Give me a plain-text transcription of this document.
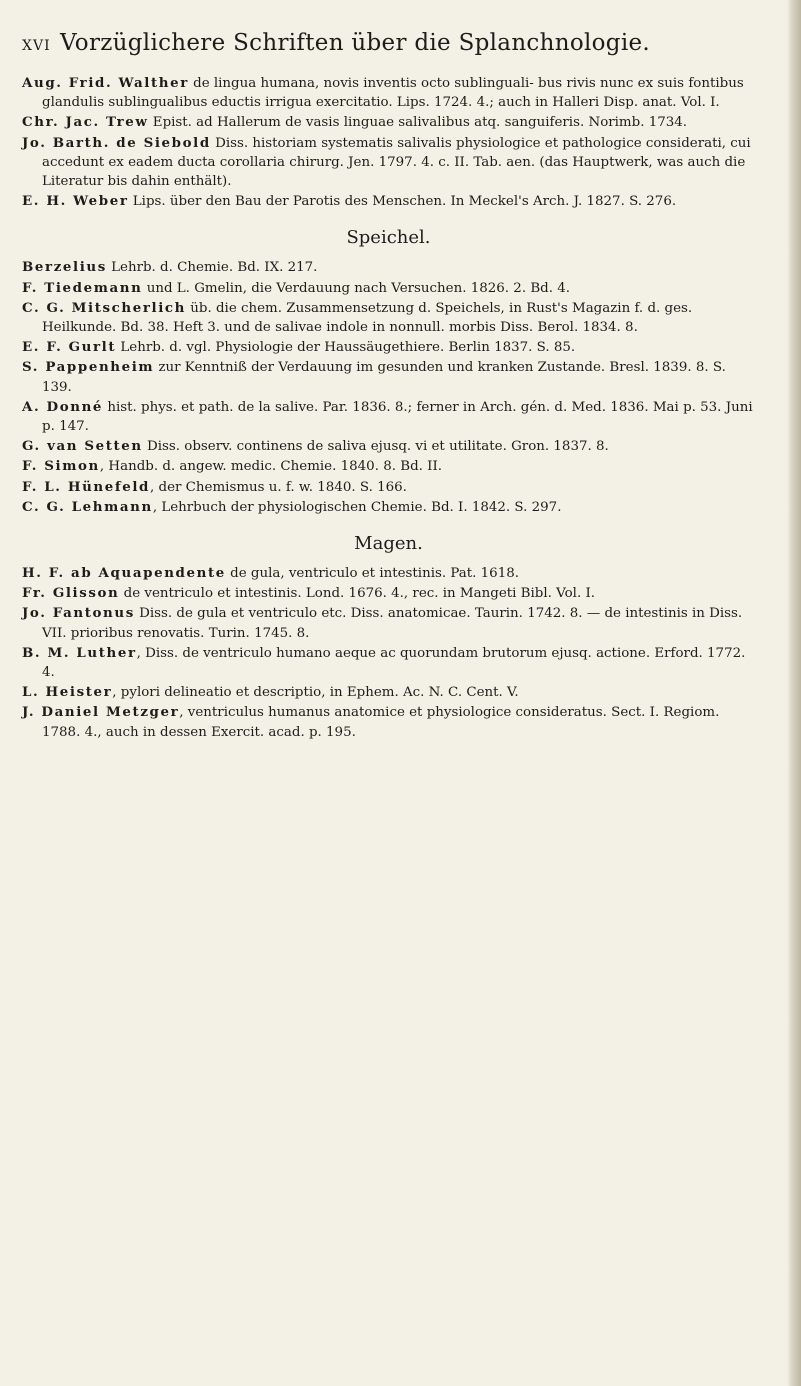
XVI Vorzüglichere Schriften über die Splanchnologie.

Aug. Frid. Walther de lingua humana, novis inventis octo sublinguali- bus rivis nunc ex suis fontibus glandulis sublingualibus eductis irrigua exercitatio. Lips. 1724. 4.; auch in Halleri Disp. anat. Vol. I.

Chr. Jac. Trew Epist. ad Hallerum de vasis linguae salivalibus atq. sanguiferis. Norimb. 1734.

Jo. Barth. de Siebold Diss. historiam systematis salivalis physiologice et pathologice considerati, cui accedunt ex eadem ducta corollaria chirurg. Jen. 1797. 4. c. II. Tab. aen. (das Hauptwerk, was auch die Literatur bis dahin enthält).

E. H. Weber Lips. über den Bau der Parotis des Menschen. In Meckel's Arch. J. 1827. S. 276.

Speichel.

Berzelius Lehrb. d. Chemie. Bd. IX. 217.

F. Tiedemann und L. Gmelin, die Verdauung nach Versuchen. 1826. 2. Bd. 4.

C. G. Mitscherlich üb. die chem. Zusammensetzung d. Speichels, in Rust's Magazin f. d. ges. Heilkunde. Bd. 38. Heft 3. und de salivae indole in nonnull. morbis Diss. Berol. 1834. 8.

E. F. Gurlt Lehrb. d. vgl. Physiologie der Haussäugethiere. Berlin 1837. S. 85.

S. Pappenheim zur Kenntniß der Verdauung im gesunden und kranken Zustande. Bresl. 1839. 8. S. 139.

A. Donné hist. phys. et path. de la salive. Par. 1836. 8.; ferner in Arch. gén. d. Med. 1836. Mai p. 53. Juni p. 147.

G. van Setten Diss. observ. continens de saliva ejusq. vi et utilitate. Gron. 1837. 8.

F. Simon, Handb. d. angew. medic. Chemie. 1840. 8. Bd. II.

F. L. Hünefeld, der Chemismus u. f. w. 1840. S. 166.

C. G. Lehmann, Lehrbuch der physiologischen Chemie. Bd. I. 1842. S. 297.

Magen.

H. F. ab Aquapendente de gula, ventriculo et intestinis. Pat. 1618.

Fr. Glisson de ventriculo et intestinis. Lond. 1676. 4., rec. in Mangeti Bibl. Vol. I.

Jo. Fantonus Diss. de gula et ventriculo etc. Diss. anatomicae. Taurin. 1742. 8. — de intestinis in Diss. VII. prioribus renovatis. Turin. 1745. 8.

B. M. Luther, Diss. de ventriculo humano aeque ac quorundam brutorum ejusq. actione. Erford. 1772. 4.

L. Heister, pylori delineatio et descriptio, in Ephem. Ac. N. C. Cent. V.

J. Daniel Metzger, ventriculus humanus anatomice et physiologice consideratus. Sect. I. Regiom. 1788. 4., auch in dessen Exercit. acad. p. 195.
